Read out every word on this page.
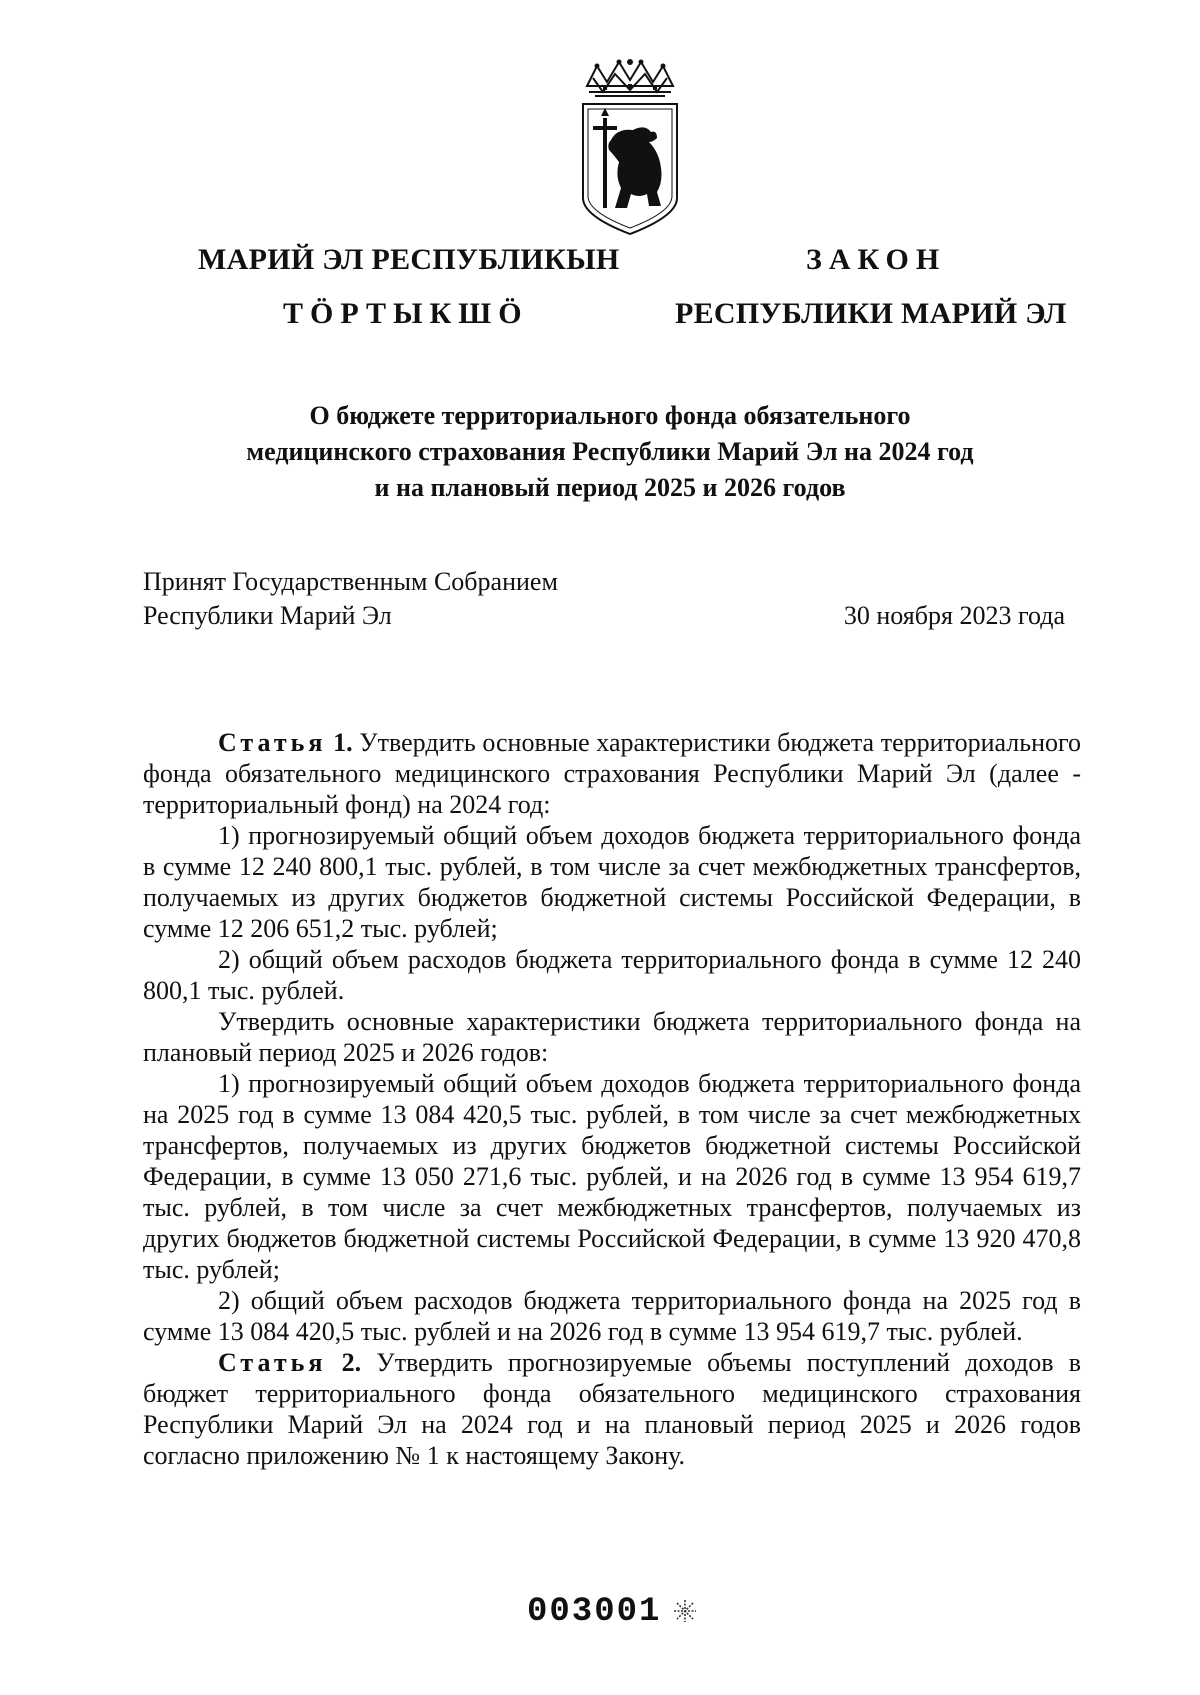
МАРИЙ ЭЛ РЕСПУБЛИКЫН
ТӦРТЫКШӦ
ЗАКОН
РЕСПУБЛИКИ МАРИЙ ЭЛ
О бюджете территориального фонда обязательного
медицинского страхования Республики Марий Эл на 2024 год
и на плановый период 2025 и 2026 годов
Принят Государственным Собранием
Республики Марий Эл	30 ноября 2023 года

Статья 1. Утвердить основные характеристики бюджета территориального фонда обязательного медицинского страхования Республики Марий Эл (далее - территориальный фонд) на 2024 год:

1) прогнозируемый общий объем доходов бюджета территориального фонда в сумме 12 240 800,1 тыс. рублей, в том числе за счет межбюджетных трансфертов, получаемых из других бюджетов бюджетной системы Российской Федерации, в сумме 12 206 651,2 тыс. рублей;

2) общий объем расходов бюджета территориального фонда в сумме 12 240 800,1 тыс. рублей.

Утвердить основные характеристики бюджета территориального фонда на плановый период 2025 и 2026 годов:

1) прогнозируемый общий объем доходов бюджета территориального фонда на 2025 год в сумме 13 084 420,5 тыс. рублей, в том числе за счет межбюджетных трансфертов, получаемых из других бюджетов бюджетной системы Российской Федерации, в сумме 13 050 271,6 тыс. рублей, и на 2026 год в сумме 13 954 619,7 тыс. рублей, в том числе за счет межбюджетных трансфертов, получаемых из других бюджетов бюджетной системы Российской Федерации, в сумме 13 920 470,8 тыс. рублей;

2) общий объем расходов бюджета территориального фонда на 2025 год в сумме 13 084 420,5 тыс. рублей и на 2026 год в сумме 13 954 619,7 тыс. рублей.

Статья 2. Утвердить прогнозируемые объемы поступлений доходов в бюджет территориального фонда обязательного медицинского страхования Республики Марий Эл на 2024 год и на плановый период 2025 и 2026 годов согласно приложению № 1 к настоящему Закону.

003001
